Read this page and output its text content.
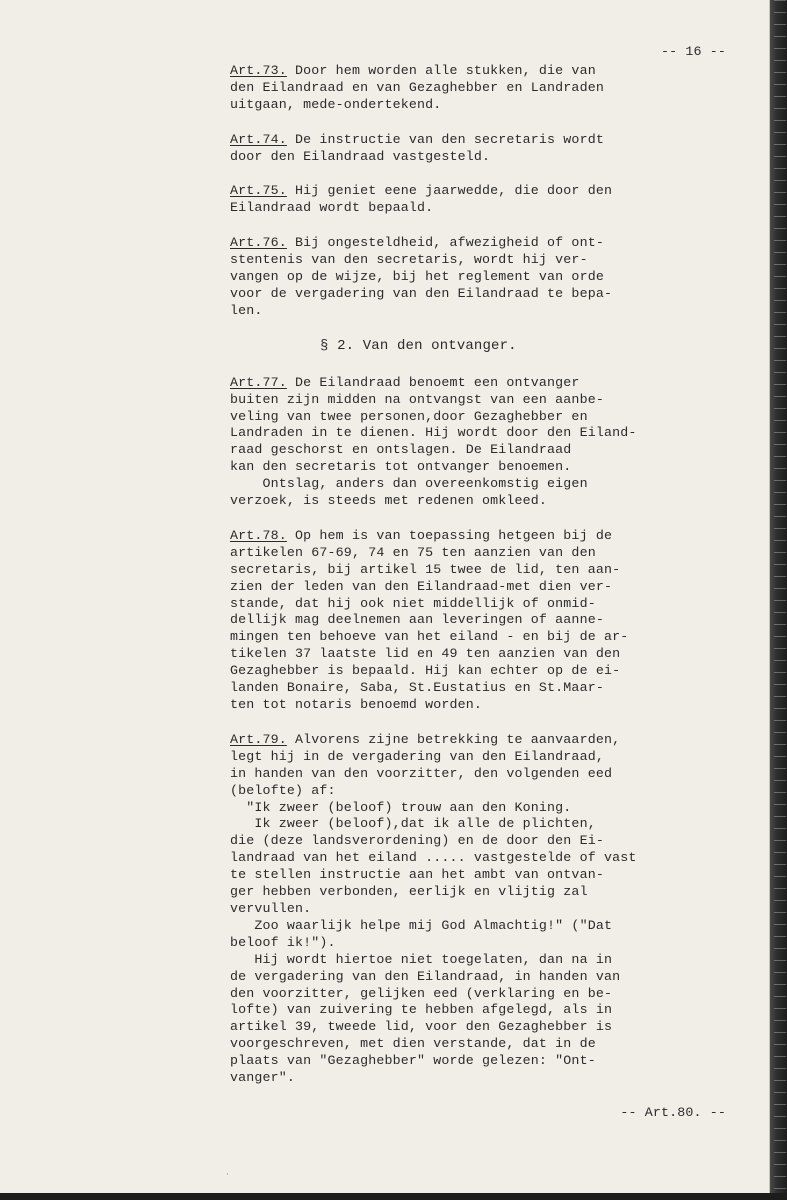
-- 16 --
Art.73. Door hem worden alle stukken, die van
den Eilandraad en van Gezaghebber en Landraden
uitgaan, mede-ondertekend.
Art.74. De instructie van den secretaris wordt
door den Eilandraad vastgesteld.
Art.75. Hij geniet eene jaarwedde, die door den
Eilandraad wordt bepaald.
Art.76. Bij ongesteldheid, afwezigheid of ont-
stentenis van den secretaris, wordt hij ver-
vangen op de wijze, bij het reglement van orde
voor de vergadering van den Eilandraad te bepa-
len.
§ 2. Van den ontvanger.
Art.77. De Eilandraad benoemt een ontvanger
buiten zijn midden na ontvangst van een aanbe-
veling van twee personen,door Gezaghebber en
Landraden in te dienen. Hij wordt door den Eiland-
raad geschorst en ontslagen. De Eilandraad
kan den secretaris tot ontvanger benoemen.
Ontslag, anders dan overeenkomstig eigen
verzoek, is steeds met redenen omkleed.
Art.78. Op hem is van toepassing hetgeen bij de
artikelen 67-69, 74 en 75 ten aanzien van den
secretaris, bij artikel 15 twee de lid, ten aan-
zien der leden van den Eilandraad-met dien ver-
stande, dat hij ook niet middellijk of onmid-
dellijk mag deelnemen aan leveringen of aanne-
mingen ten behoeve van het eiland - en bij de ar-
tikelen 37 laatste lid en 49 ten aanzien van den
Gezaghebber is bepaald. Hij kan echter op de ei-
landen Bonaire, Saba, St.Eustatius en St.Maar-
ten tot notaris benoemd worden.
Art.79. Alvorens zijne betrekking te aanvaarden,
legt hij in de vergadering van den Eilandraad,
in handen van den voorzitter, den volgenden eed
(belofte) af:
"Ik zweer (beloof) trouw aan den Koning.
Ik zweer (beloof),dat ik alle de plichten,
die (deze landsverordening) en de door den Ei-
landraad van het eiland ..... vastgestelde of vast
te stellen instructie aan het ambt van ontvan-
ger hebben verbonden, eerlijk en vlijtig zal
vervullen.
Zoo waarlijk helpe mij God Almachtig!" ("Dat
beloof ik!").
Hij wordt hiertoe niet toegelaten, dan na in
de vergadering van den Eilandraad, in handen van
den voorzitter, gelijken eed (verklaring en be-
lofte) van zuivering te hebben afgelegd, als in
artikel 39, tweede lid, voor den Gezaghebber is
voorgeschreven, met dien verstande, dat in de
plaats van "Gezaghebber" worde gelezen: "Ont-
vanger".
-- Art.80. --
·
